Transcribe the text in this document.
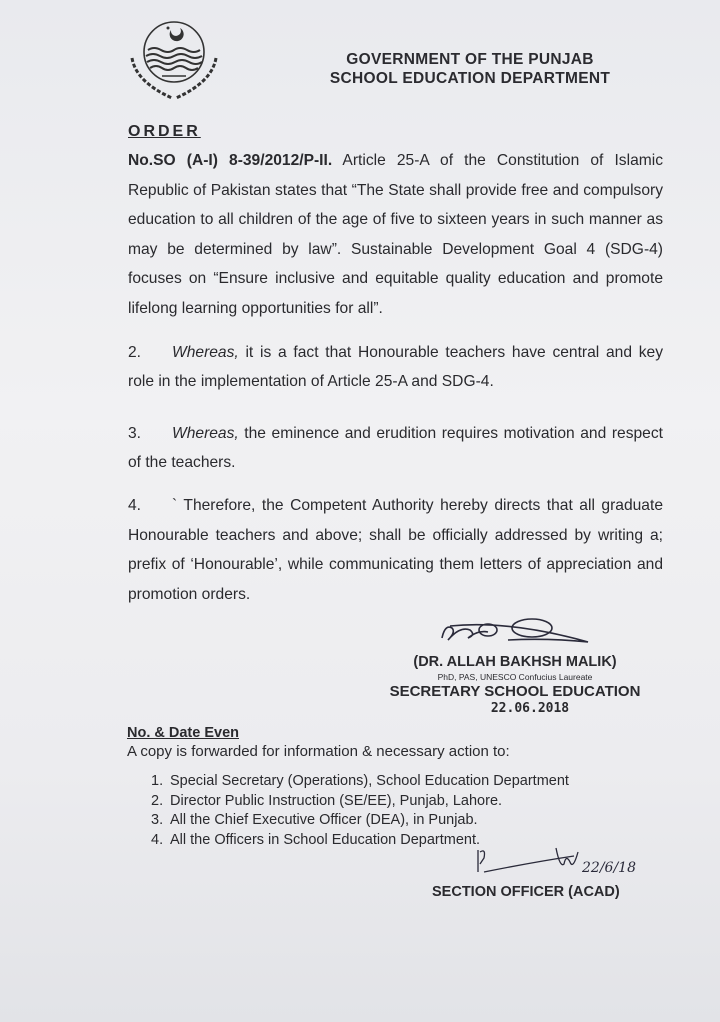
GOVERNMENT OF THE PUNJAB
SCHOOL EDUCATION DEPARTMENT
ORDER
No.SO (A-I) 8-39/2012/P-II. Article 25-A of the Constitution of Islamic Republic of Pakistan states that “The State shall provide free and compulsory education to all children of the age of five to sixteen years in such manner as may be determined by law”. Sustainable Development Goal 4 (SDG-4) focuses on “Ensure inclusive and equitable quality education and promote lifelong learning opportunities for all”.
2. Whereas, it is a fact that Honourable teachers have central and key role in the implementation of Article 25-A and SDG-4.
3. Whereas, the eminence and erudition requires motivation and respect of the teachers.
4. ` Therefore, the Competent Authority hereby directs that all graduate Honourable teachers and above; shall be officially addressed by writing a; prefix of ‘Honourable’, while communicating them letters of appreciation and promotion orders.
(DR. ALLAH BAKHSH MALIK)
PhD, PAS, UNESCO Confucius Laureate
SECRETARY SCHOOL EDUCATION
22.06.2018
No. & Date Even
A copy is forwarded for information & necessary action to:
1. Special Secretary (Operations), School Education Department
2. Director Public Instruction (SE/EE), Punjab, Lahore.
3. All the Chief Executive Officer (DEA), in Punjab.
4. All the Officers in School Education Department.
22/6/18
SECTION OFFICER (ACAD)
